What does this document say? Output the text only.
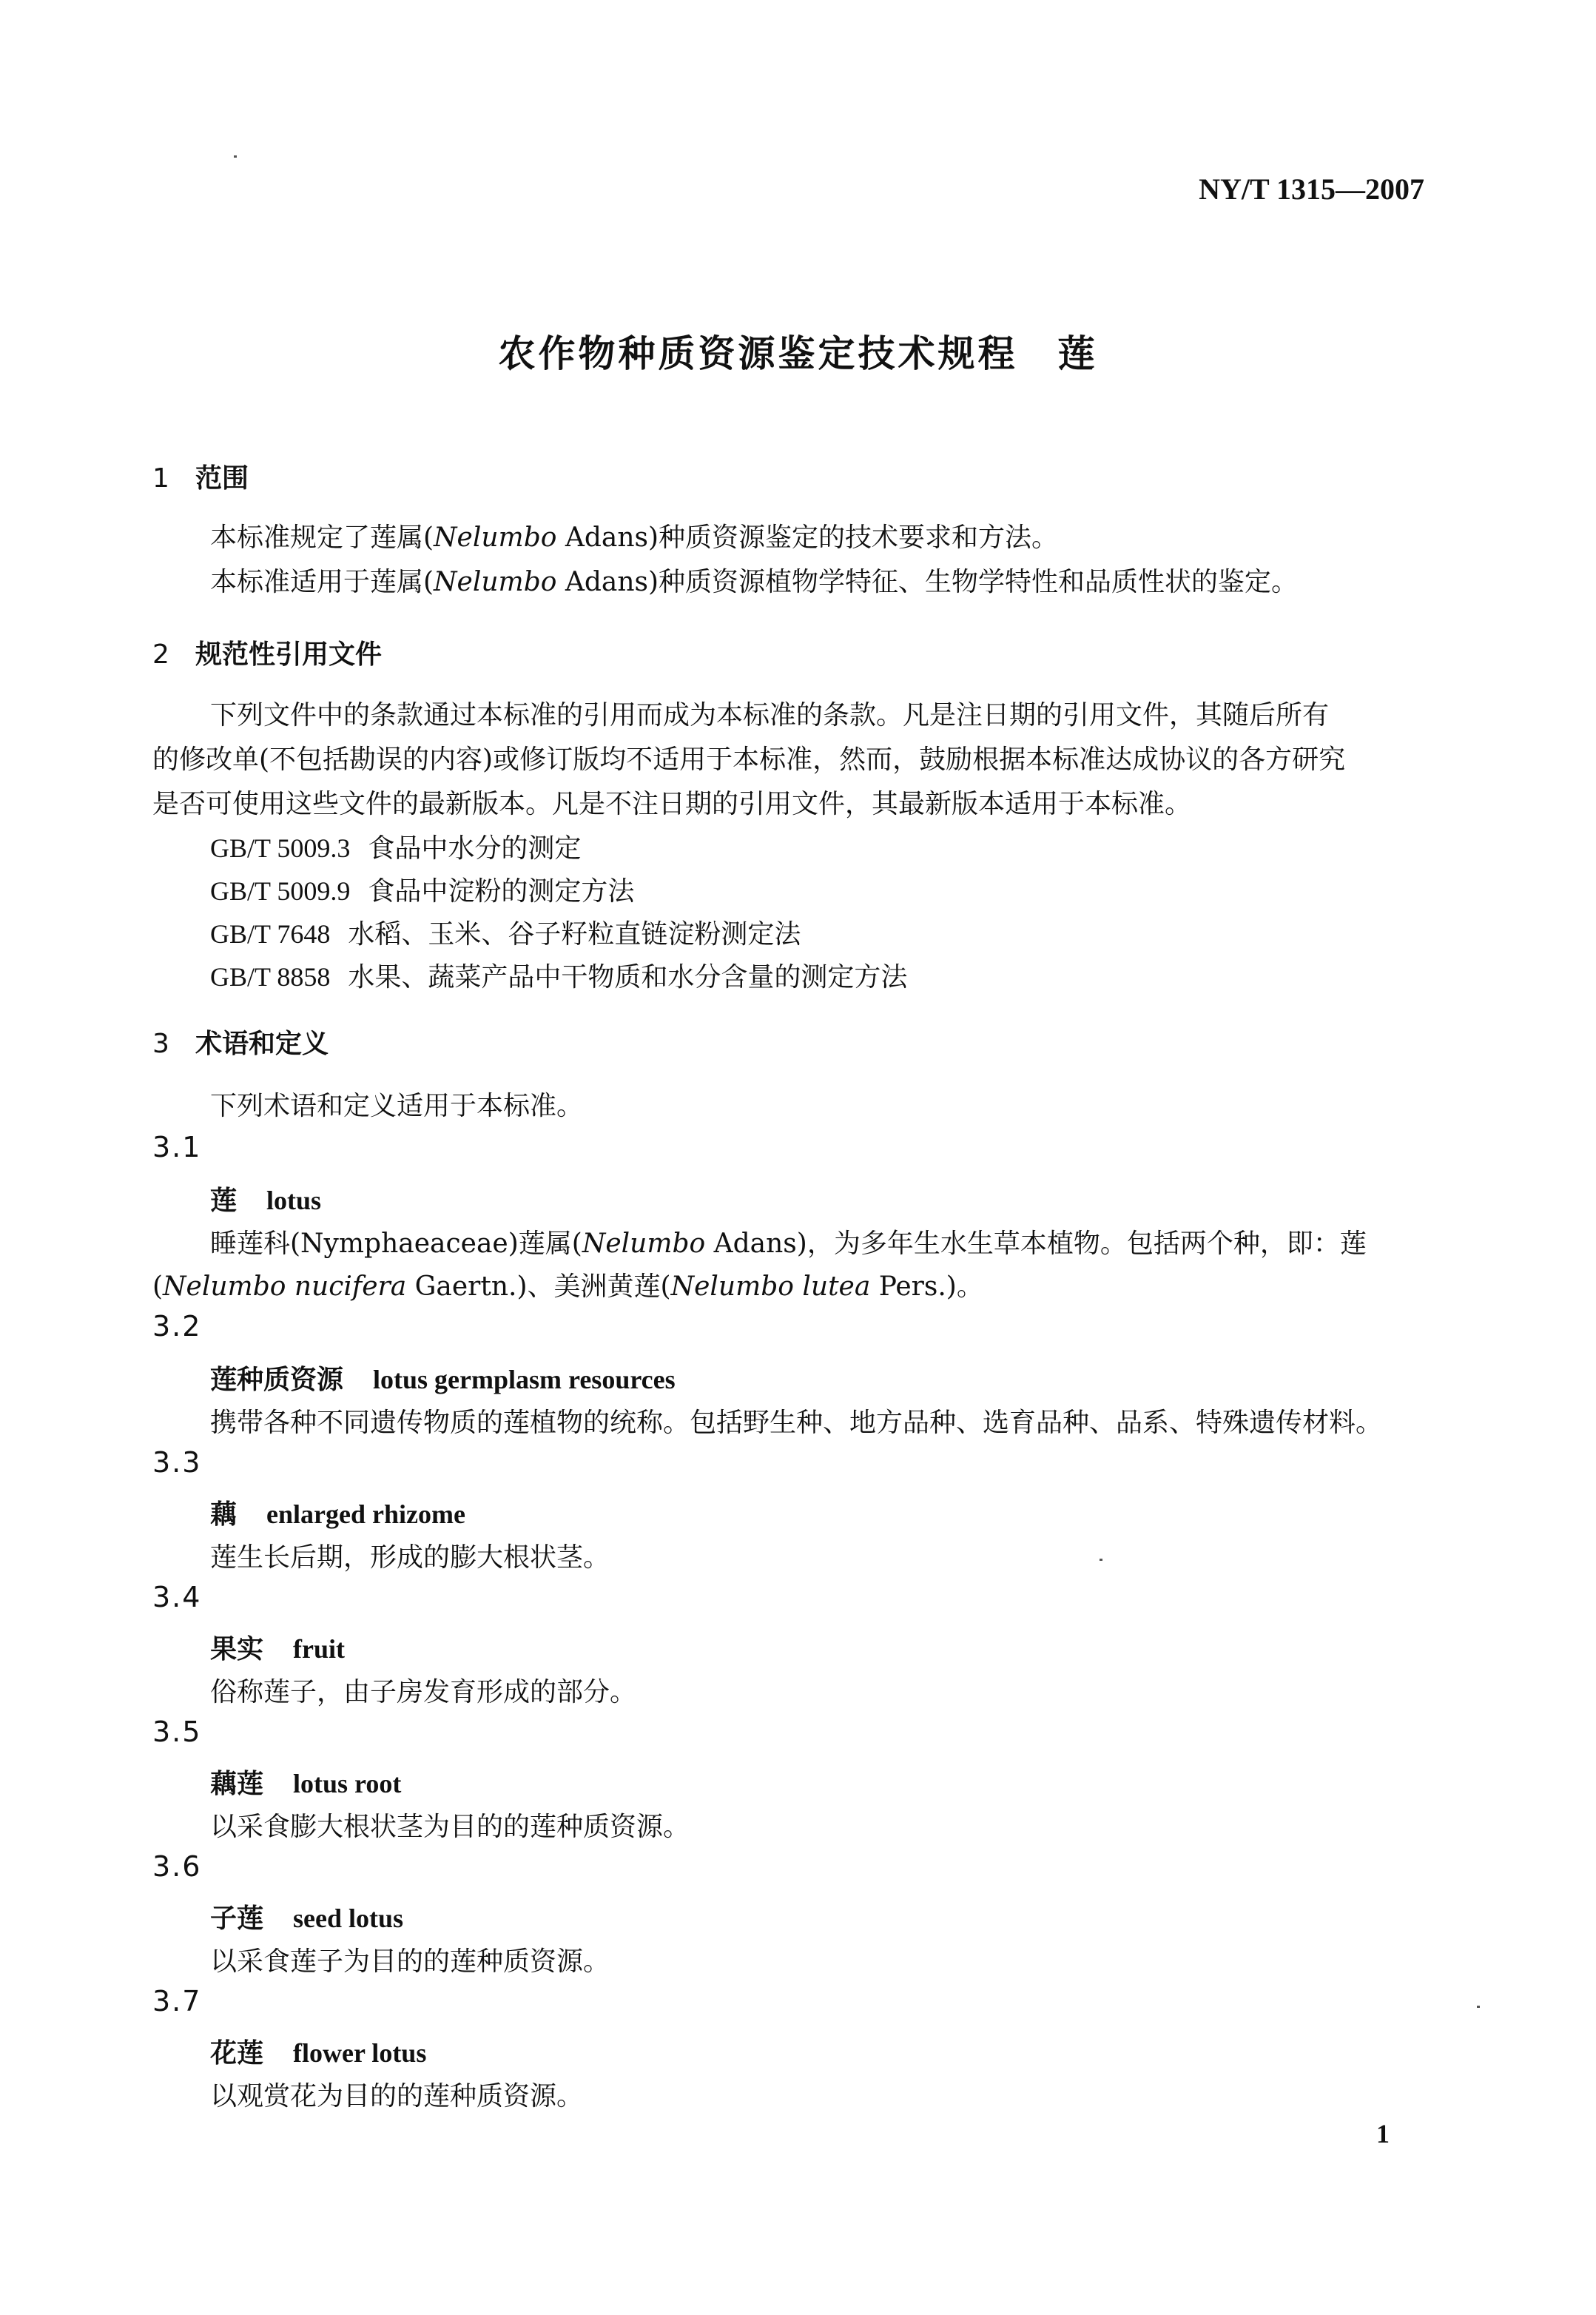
NY/T 1315—2007
农作物种质资源鉴定技术规程　莲
1 范围
本标准规定了莲属(Nelumbo Adans)种质资源鉴定的技术要求和方法。
本标准适用于莲属(Nelumbo Adans)种质资源植物学特征、生物学特性和品质性状的鉴定。
2 规范性引用文件
下列文件中的条款通过本标准的引用而成为本标准的条款。凡是注日期的引用文件，其随后所有
的修改单(不包括勘误的内容)或修订版均不适用于本标准，然而，鼓励根据本标准达成协议的各方研究
是否可使用这些文件的最新版本。凡是不注日期的引用文件，其最新版本适用于本标准。
GB/T 5009.3 食品中水分的测定
GB/T 5009.9 食品中淀粉的测定方法
GB/T 7648 水稻、玉米、谷子籽粒直链淀粉测定法
GB/T 8858 水果、蔬菜产品中干物质和水分含量的测定方法
3 术语和定义
下列术语和定义适用于本标准。
3.1
莲 lotus
睡莲科(Nymphaeaceae)莲属(Nelumbo Adans)，为多年生水生草本植物。包括两个种，即：莲
(Nelumbo nucifera Gaertn.)、美洲黄莲(Nelumbo lutea Pers.)。
3.2
莲种质资源 lotus germplasm resources
携带各种不同遗传物质的莲植物的统称。包括野生种、地方品种、选育品种、品系、特殊遗传材料。
3.3
藕 enlarged rhizome
莲生长后期，形成的膨大根状茎。
3.4
果实 fruit
俗称莲子，由子房发育形成的部分。
3.5
藕莲 lotus root
以采食膨大根状茎为目的的莲种质资源。
3.6
子莲 seed lotus
以采食莲子为目的的莲种质资源。
3.7
花莲 flower lotus
以观赏花为目的的莲种质资源。
1
